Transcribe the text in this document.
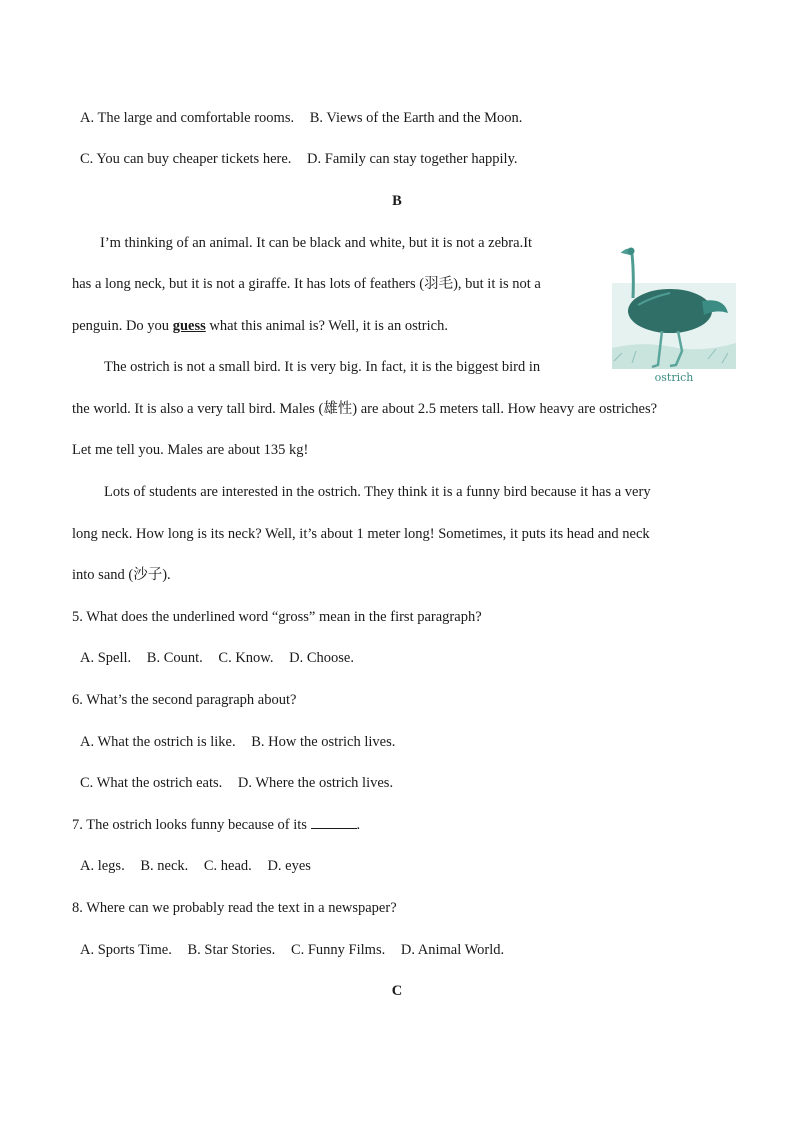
A. The large and comfortable rooms. B. Views of the Earth and the Moon.
C. You can buy cheaper tickets here. D. Family can stay together happily.
B
I’m thinking of an animal. It can be black and white, but it is not a zebra.It
has a long neck, but it is not a giraffe. It has lots of feathers (羽毛), but it is not a
penguin. Do you guess what this animal is? Well, it is an ostrich.
ostrich
The ostrich is not a small bird. It is very big. In fact, it is the biggest bird in
the world. It is also a very tall bird. Males (雄性) are about 2.5 meters tall. How heavy are ostriches?
Let me tell you. Males are about 135 kg!
Lots of students are interested in the ostrich. They think it is a funny bird because it has a very
long neck. How long is its neck? Well, it’s about 1 meter long! Sometimes, it puts its head and neck
into sand (沙子).
5. What does the underlined word “gross” mean in the first paragraph?
A. Spell. B. Count. C. Know. D. Choose.
6. What’s the second paragraph about?
A. What the ostrich is like. B. How the ostrich lives.
C. What the ostrich eats. D. Where the ostrich lives.
7. The ostrich looks funny because of its	.
A. legs. B. neck. C. head. D. eyes
8. Where can we probably read the text in a newspaper?
A. Sports Time. B. Star Stories. C. Funny Films. D. Animal World.
C
